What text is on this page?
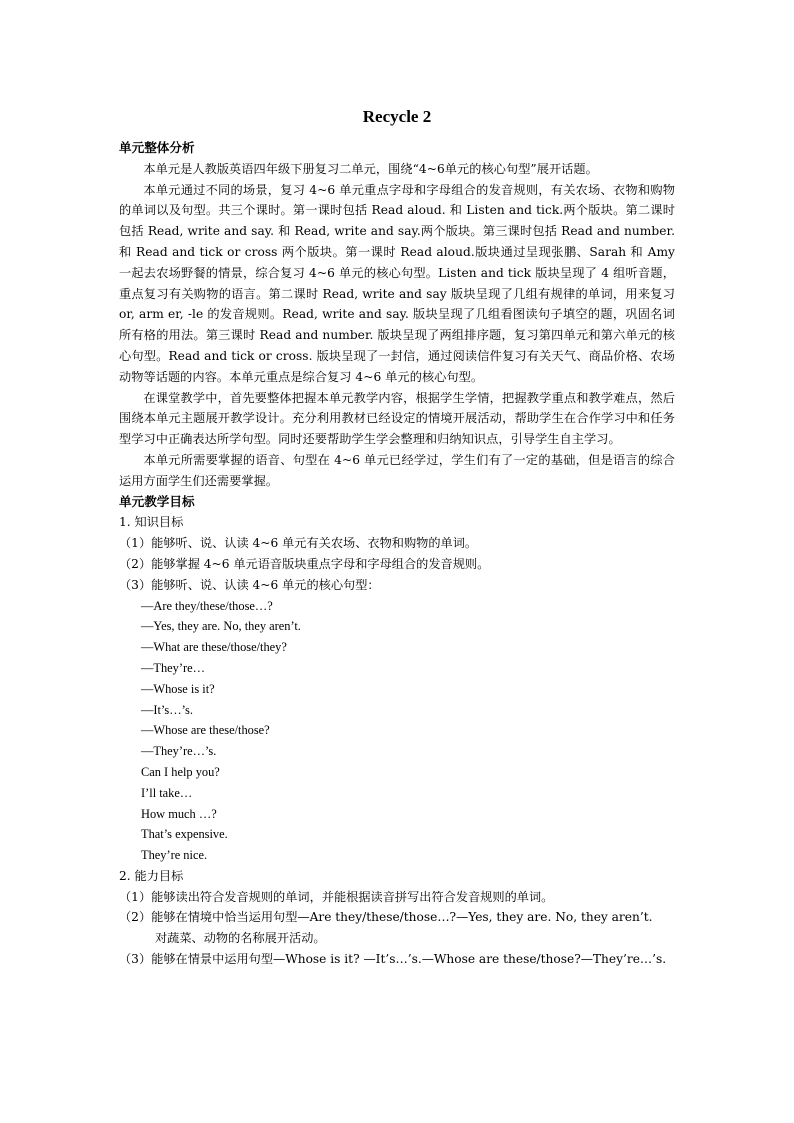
Recycle 2

单元整体分析

本单元是人教版英语四年级下册复习二单元，围绕“4~6单元的核心句型”展开话题。

本单元通过不同的场景，复习 4~6 单元重点字母和字母组合的发音规则，有关农场、衣物和购物的单词以及句型。共三个课时。第一课时包括 Read aloud. 和 Listen and tick.两个版块。第二课时包括 Read, write and say. 和 Read, write and say.两个版块。第三课时包括 Read and number. 和 Read and tick or cross 两个版块。第一课时 Read aloud.版块通过呈现张鹏、Sarah 和 Amy 一起去农场野餐的情景，综合复习 4~6 单元的核心句型。Listen and tick 版块呈现了 4 组听音题，重点复习有关购物的语言。第二课时 Read, write and say 版块呈现了几组有规律的单词，用来复习 or, arm er, -le 的发音规则。Read, write and say. 版块呈现了几组看图读句子填空的题，巩固名词所有格的用法。第三课时 Read and number. 版块呈现了两组排序题，复习第四单元和第六单元的核心句型。Read and tick or cross. 版块呈现了一封信，通过阅读信件复习有关天气、商品价格、农场动物等话题的内容。本单元重点是综合复习 4~6 单元的核心句型。

在课堂教学中，首先要整体把握本单元教学内容，根据学生学情，把握教学重点和教学难点，然后围绕本单元主题展开教学设计。充分利用教材已经设定的情境开展活动，帮助学生在合作学习中和任务型学习中正确表达所学句型。同时还要帮助学生学会整理和归纳知识点，引导学生自主学习。

本单元所需要掌握的语音、句型在 4~6 单元已经学过，学生们有了一定的基础，但是语言的综合运用方面学生们还需要掌握。

单元教学目标

1. 知识目标

（1）能够听、说、认读 4~6 单元有关农场、衣物和购物的单词。

（2）能够掌握 4~6 单元语音版块重点字母和字母组合的发音规则。

（3）能够听、说、认读 4~6 单元的核心句型：

—Are they/these/those…?

—Yes, they are. No, they aren’t.

—What are these/those/they?

—They’re…

—Whose is it?

—It’s…’s.

—Whose are these/those?

—They’re…’s.

Can I help you?

I’ll take…

How much …?

That’s expensive.

They’re nice.

2. 能力目标

（1）能够读出符合发音规则的单词，并能根据读音拼写出符合发音规则的单词。

（2）能够在情境中恰当运用句型—Are they/these/those…?—Yes, they are. No, they aren’t.

对蔬菜、动物的名称展开活动。

（3）能够在情景中运用句型—Whose is it? —It’s…’s.—Whose are these/those?—They’re…’s.
